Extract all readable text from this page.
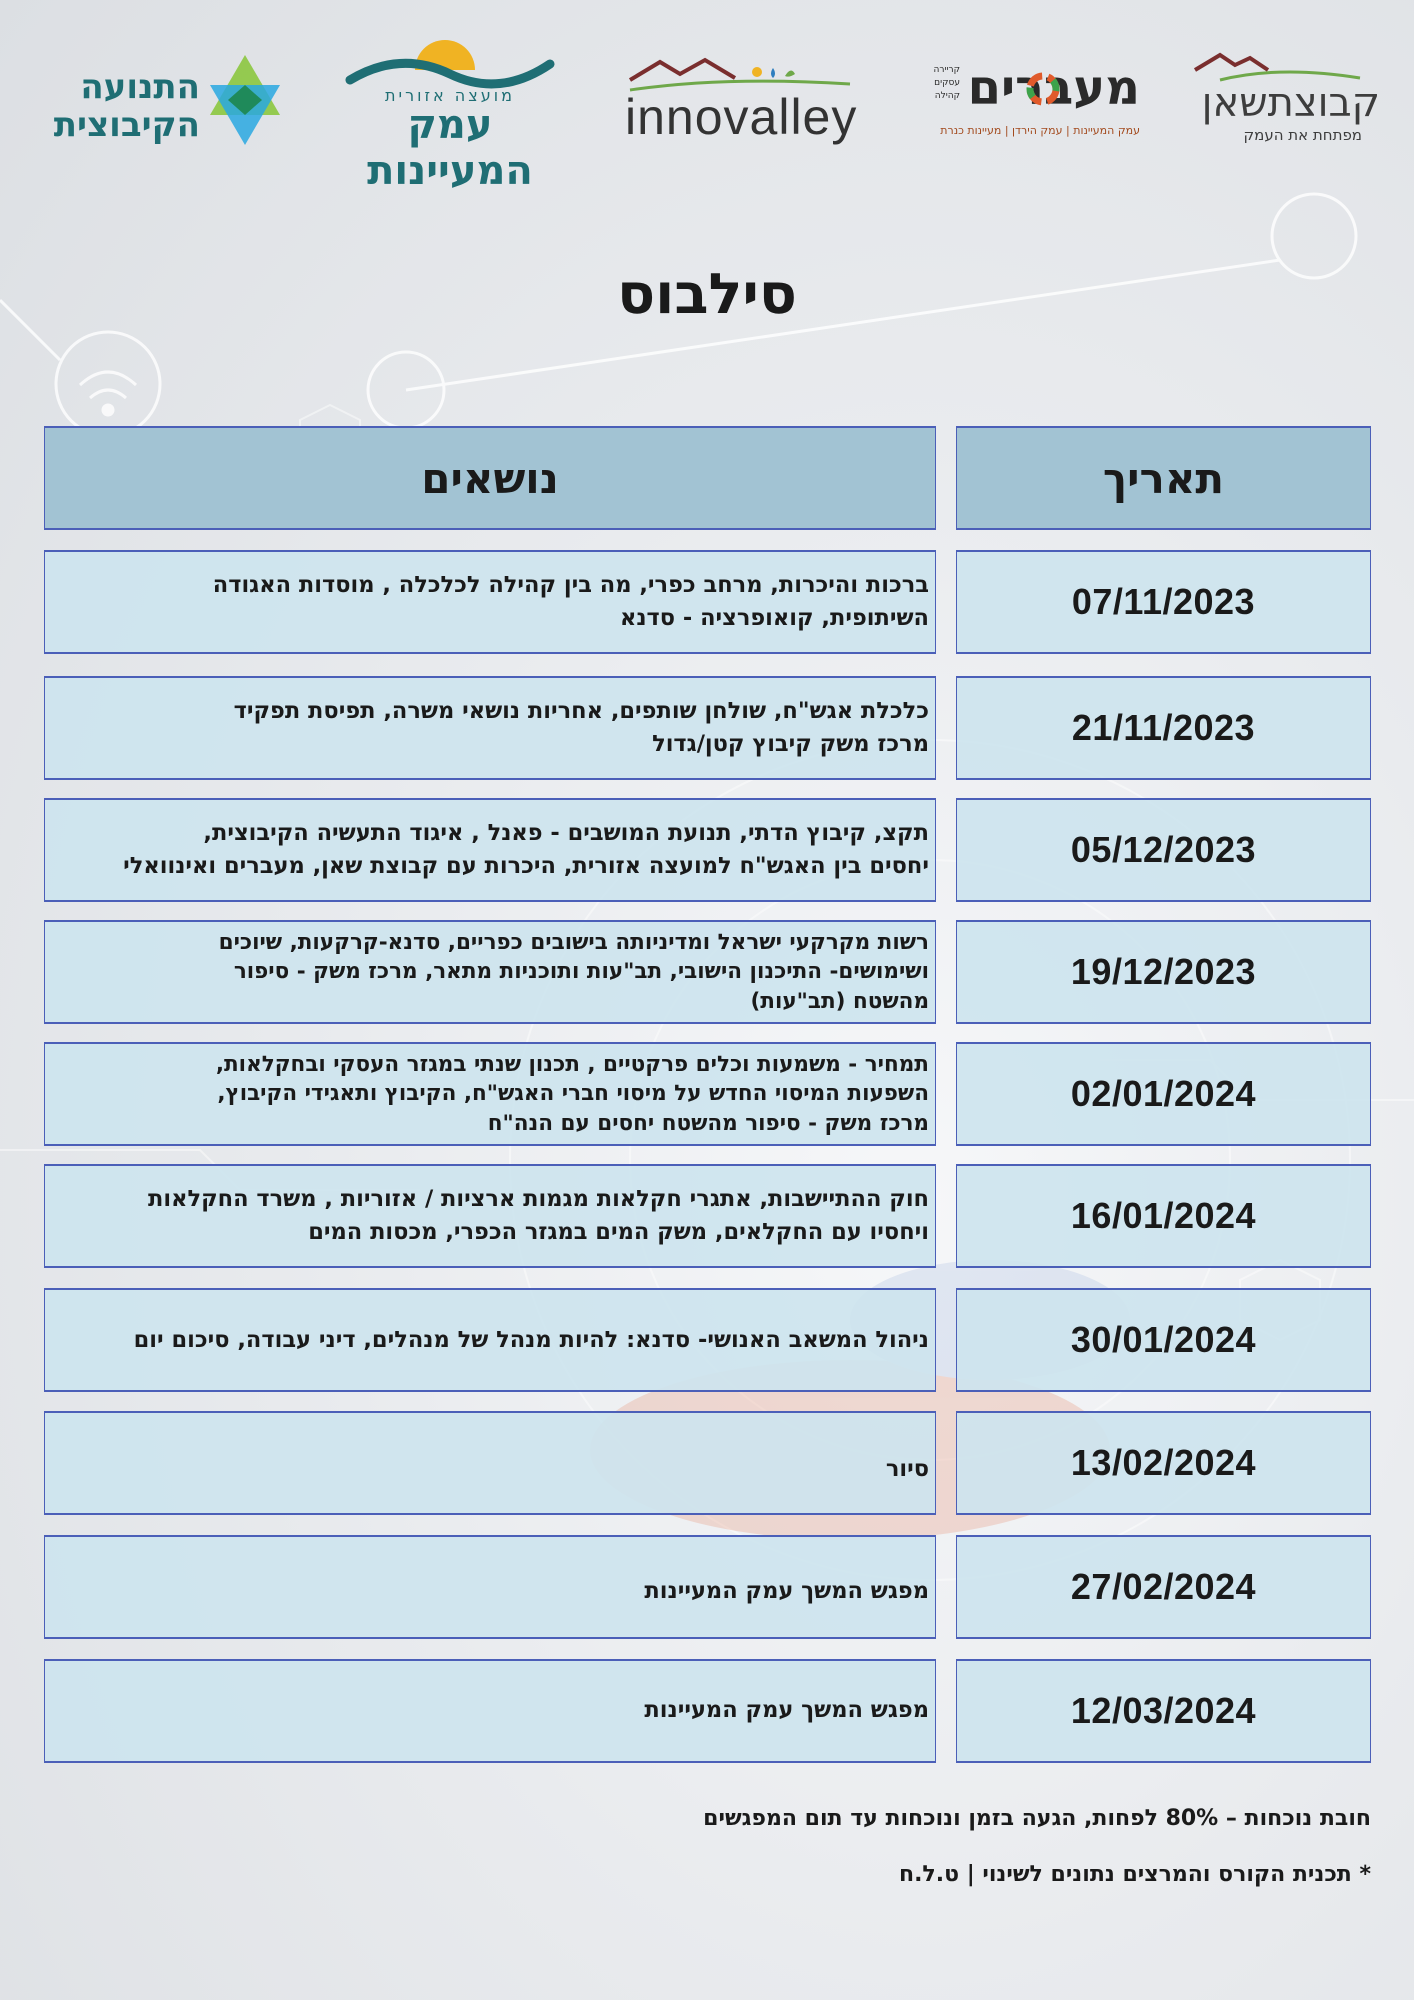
קבוצתשאן
מפתחת את העמק
מעברים
קריירה
עסקים
קהילה
עמק המעיינות | עמק הירדן | מעיינות כנרת
innovalley
מועצה אזורית
עמק המעיינות
התנועה
הקיבוצית
סילבוס
תאריך
נושאים
07/11/2023
ברכות והיכרות, מרחב כפרי, מה בין קהילה לכלכלה , מוסדות האגודה
השיתופית, קואופרציה - סדנא
21/11/2023
כלכלת אגש"ח, שולחן שותפים, אחריות נושאי משרה, תפיסת תפקיד
מרכז משק קיבוץ קטן/גדול
05/12/2023
תקצ, קיבוץ הדתי, תנועת המושבים - פאנל , איגוד התעשיה הקיבוצית,
יחסים בין האגש"ח למועצה אזורית, היכרות עם קבוצת שאן, מעברים ואינוואלי
19/12/2023
רשות מקרקעי ישראל ומדיניותה בישובים כפריים, סדנא-קרקעות, שיוכים
ושימושים- התיכנון הישובי, תב"עות ותוכניות מתאר, מרכז משק - סיפור
מהשטח (תב"עות)
02/01/2024
תמחיר - משמעות וכלים פרקטיים , תכנון שנתי במגזר העסקי ובחקלאות,
השפעות המיסוי החדש על מיסוי חברי האגש"ח, הקיבוץ ותאגידי הקיבוץ,
מרכז משק - סיפור מהשטח יחסים עם הנה"ח
16/01/2024
חוק ההתיישבות, אתגרי חקלאות מגמות ארציות / אזוריות , משרד החקלאות
ויחסיו עם החקלאים, משק המים במגזר הכפרי, מכסות המים
30/01/2024
ניהול המשאב האנושי- סדנא: להיות מנהל של מנהלים, דיני עבודה, סיכום יום
13/02/2024
סיור
27/02/2024
מפגש המשך עמק המעיינות
12/03/2024
מפגש המשך עמק המעיינות
חובת נוכחות – 80% לפחות, הגעה בזמן ונוכחות עד תום המפגשים
* תכנית הקורס והמרצים נתונים לשינוי | ט.ל.ח
